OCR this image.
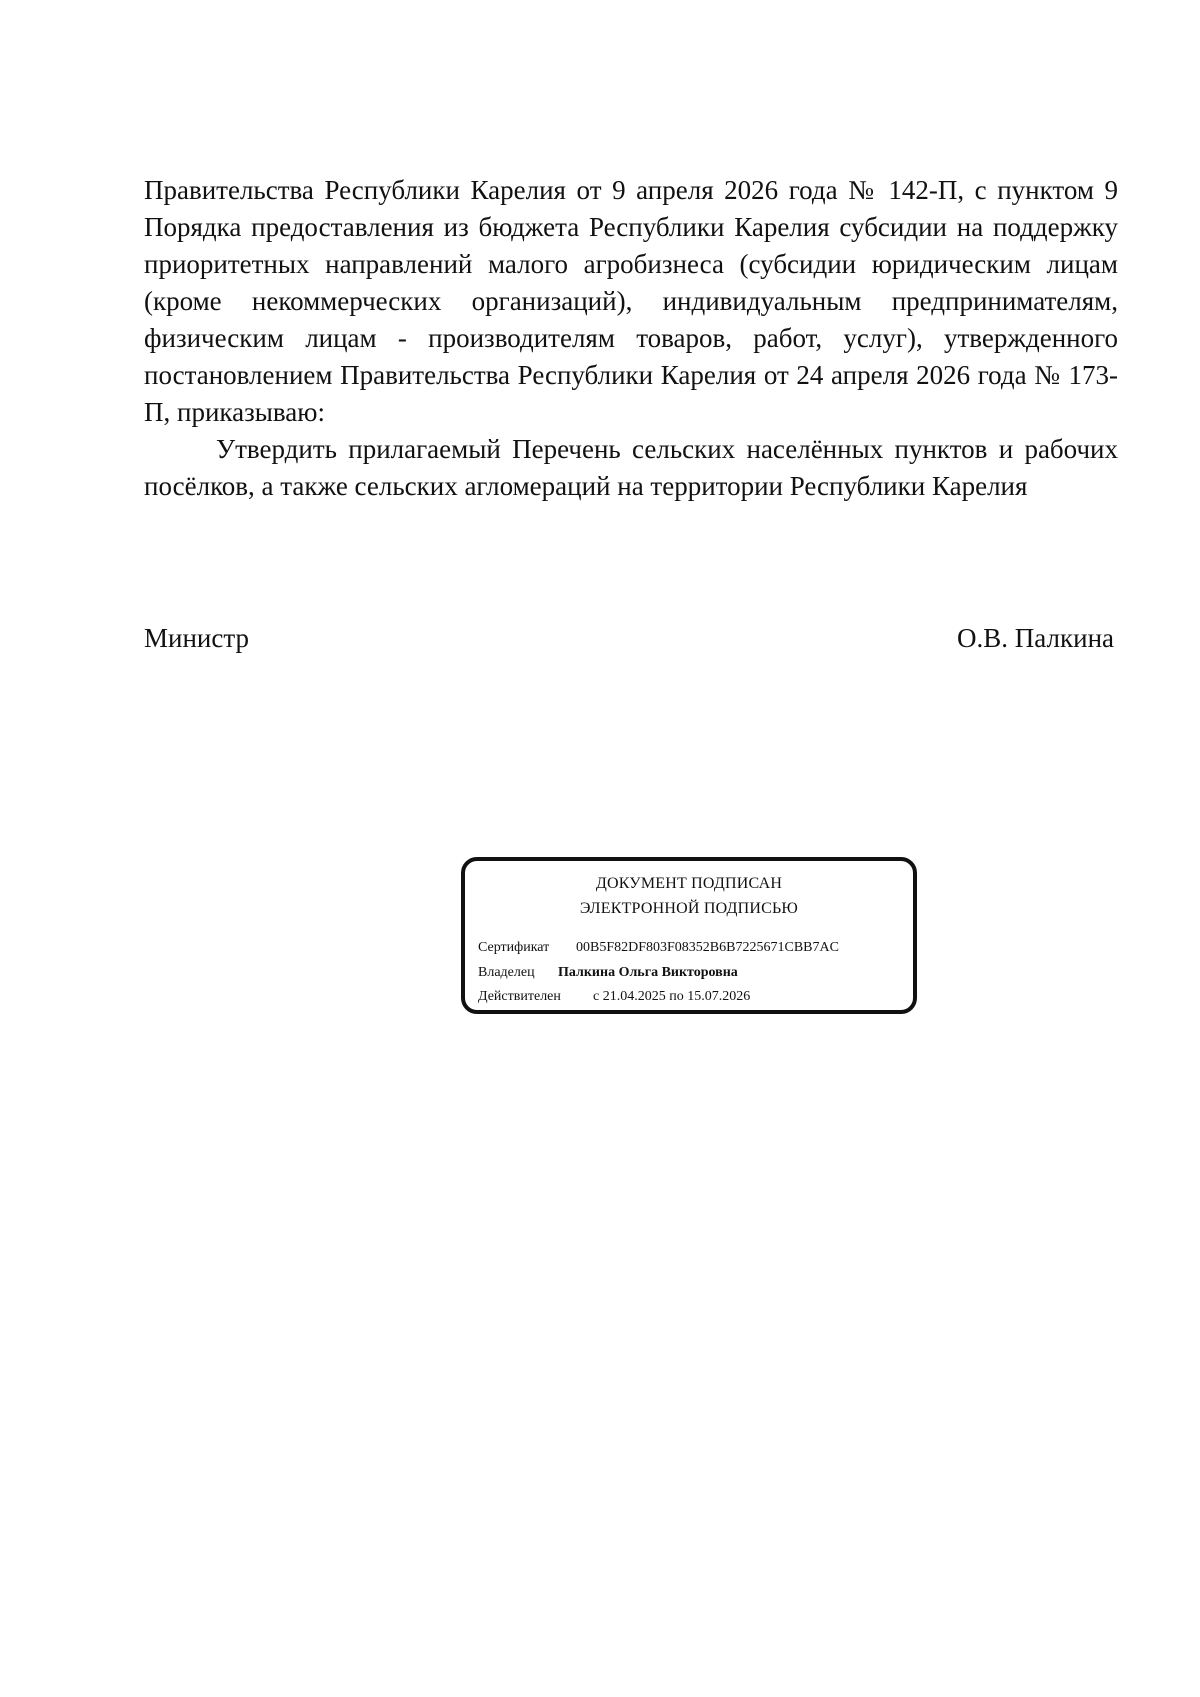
Правительства Республики Карелия от 9 апреля 2026 года № 142-П, с пунктом 9 Порядка предоставления из бюджета Республики Карелия субсидии на поддержку приоритетных направлений малого агробизнеса (субсидии юридическим лицам (кроме некоммерческих организаций), индивидуальным предпринимателям, физическим лицам - производителям товаров, работ, услуг), утвержденного постановлением Правительства Республики Карелия от 24 апреля 2026 года № 173-П, приказываю:

Утвердить прилагаемый Перечень сельских населённых пунктов и рабочих посёлков, а также сельских агломераций на территории Республики Карелия

Министр	О.В. Палкина
ДОКУМЕНТ ПОДПИСАН
ЭЛЕКТРОННОЙ ПОДПИСЬЮ
Сертификат 00B5F82DF803F08352B6B7225671CBB7AC
Владелец Палкина Ольга Викторовна
Действителен с 21.04.2025 по 15.07.2026
